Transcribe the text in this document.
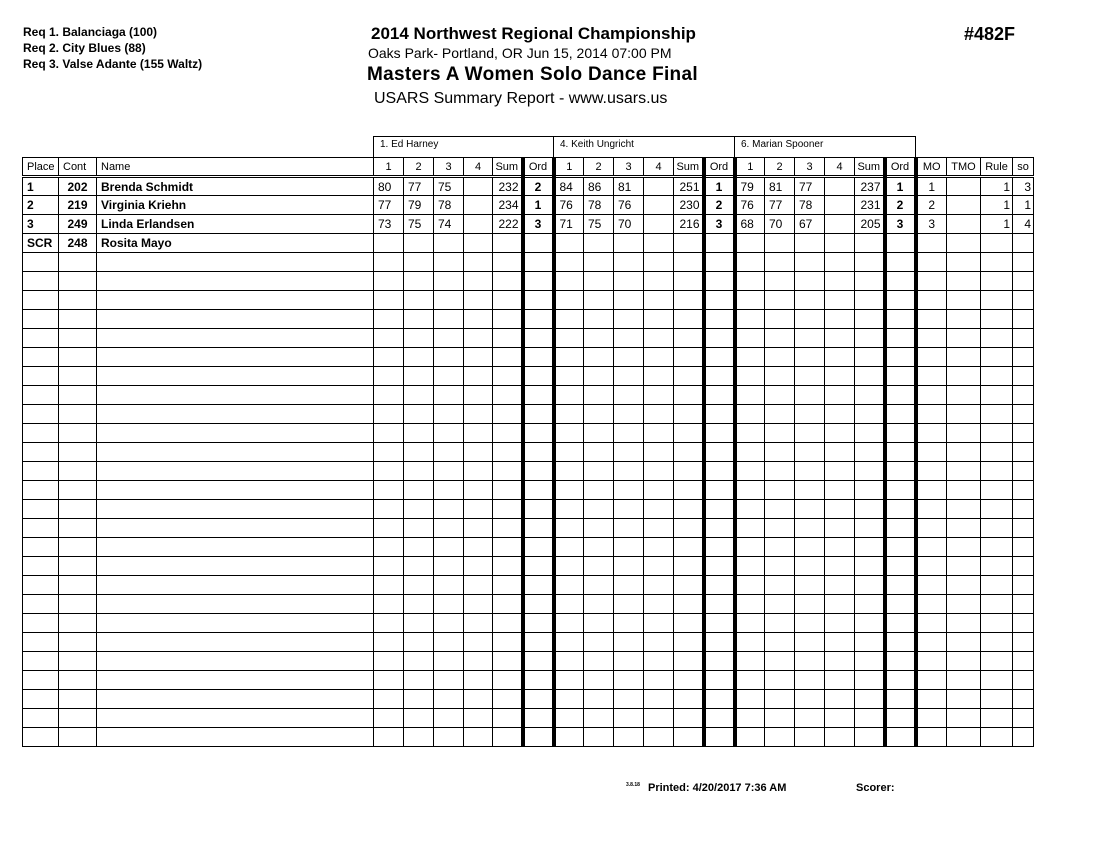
Req 1. Balanciaga (100)
Req 2. City Blues (88)
Req 3. Valse Adante (155 Waltz)
2014 Northwest Regional Championship
Oaks Park- Portland, OR Jun 15, 2014 07:00 PM
Masters A Women Solo Dance Final
USARS Summary Report - www.usars.us
#482F
1. Ed Harney	4. Keith Ungricht	6. Marian Spooner
Place	Cont	Name	1	2	3	4	Sum	Ord	1	2	3	4	Sum	Ord	1	2	3	4	Sum	Ord	MO	TMO	Rule	so
1	202	Brenda Schmidt	80	77	75		232	2	84	86	81		251	1	79	81	77		237	1	1		1	3
2	219	Virginia Kriehn	77	79	78		234	1	76	78	76		230	2	76	77	78		231	2	2		1	1
3	249	Linda Erlandsen	73	75	74		222	3	71	75	70		216	3	68	70	67		205	3	3		1	4
SCR	248	Rosita Mayo																						

3.8.18 Printed: 4/20/2017 7:36 AM	Scorer:
